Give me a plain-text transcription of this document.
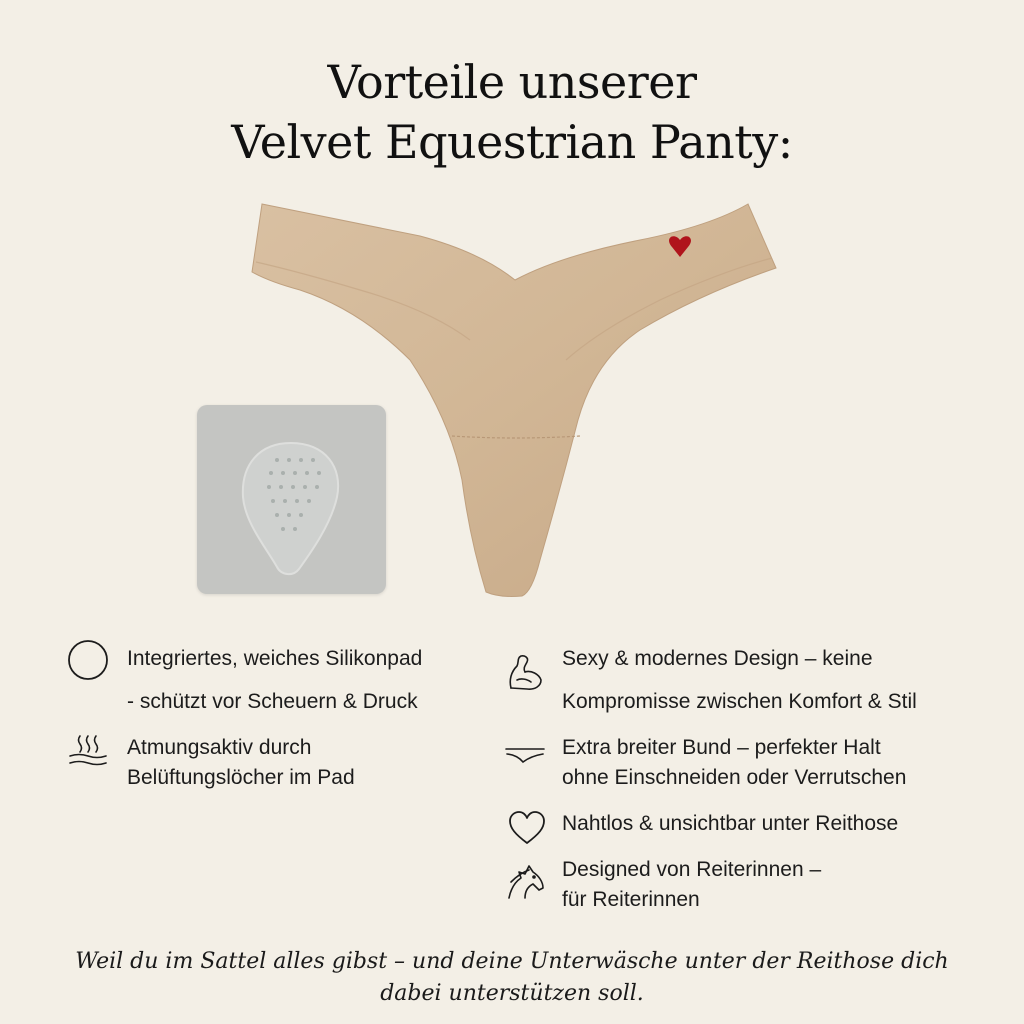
Vorteile unserer
Velvet Equestrian Panty:
Integriertes, weiches Silikonpad
- schützt vor Scheuern & Druck
Atmungsaktiv durch
Belüftungslöcher im Pad
Sexy & modernes Design – keine
Kompromisse zwischen Komfort & Stil
Extra breiter Bund – perfekter Halt
ohne Einschneiden oder Verrutschen
Nahtlos & unsichtbar unter Reithose
Designed von Reiterinnen –
für Reiterinnen
Weil du im Sattel alles gibst – und deine Unterwäsche unter der Reithose dich
dabei unterstützen soll.
